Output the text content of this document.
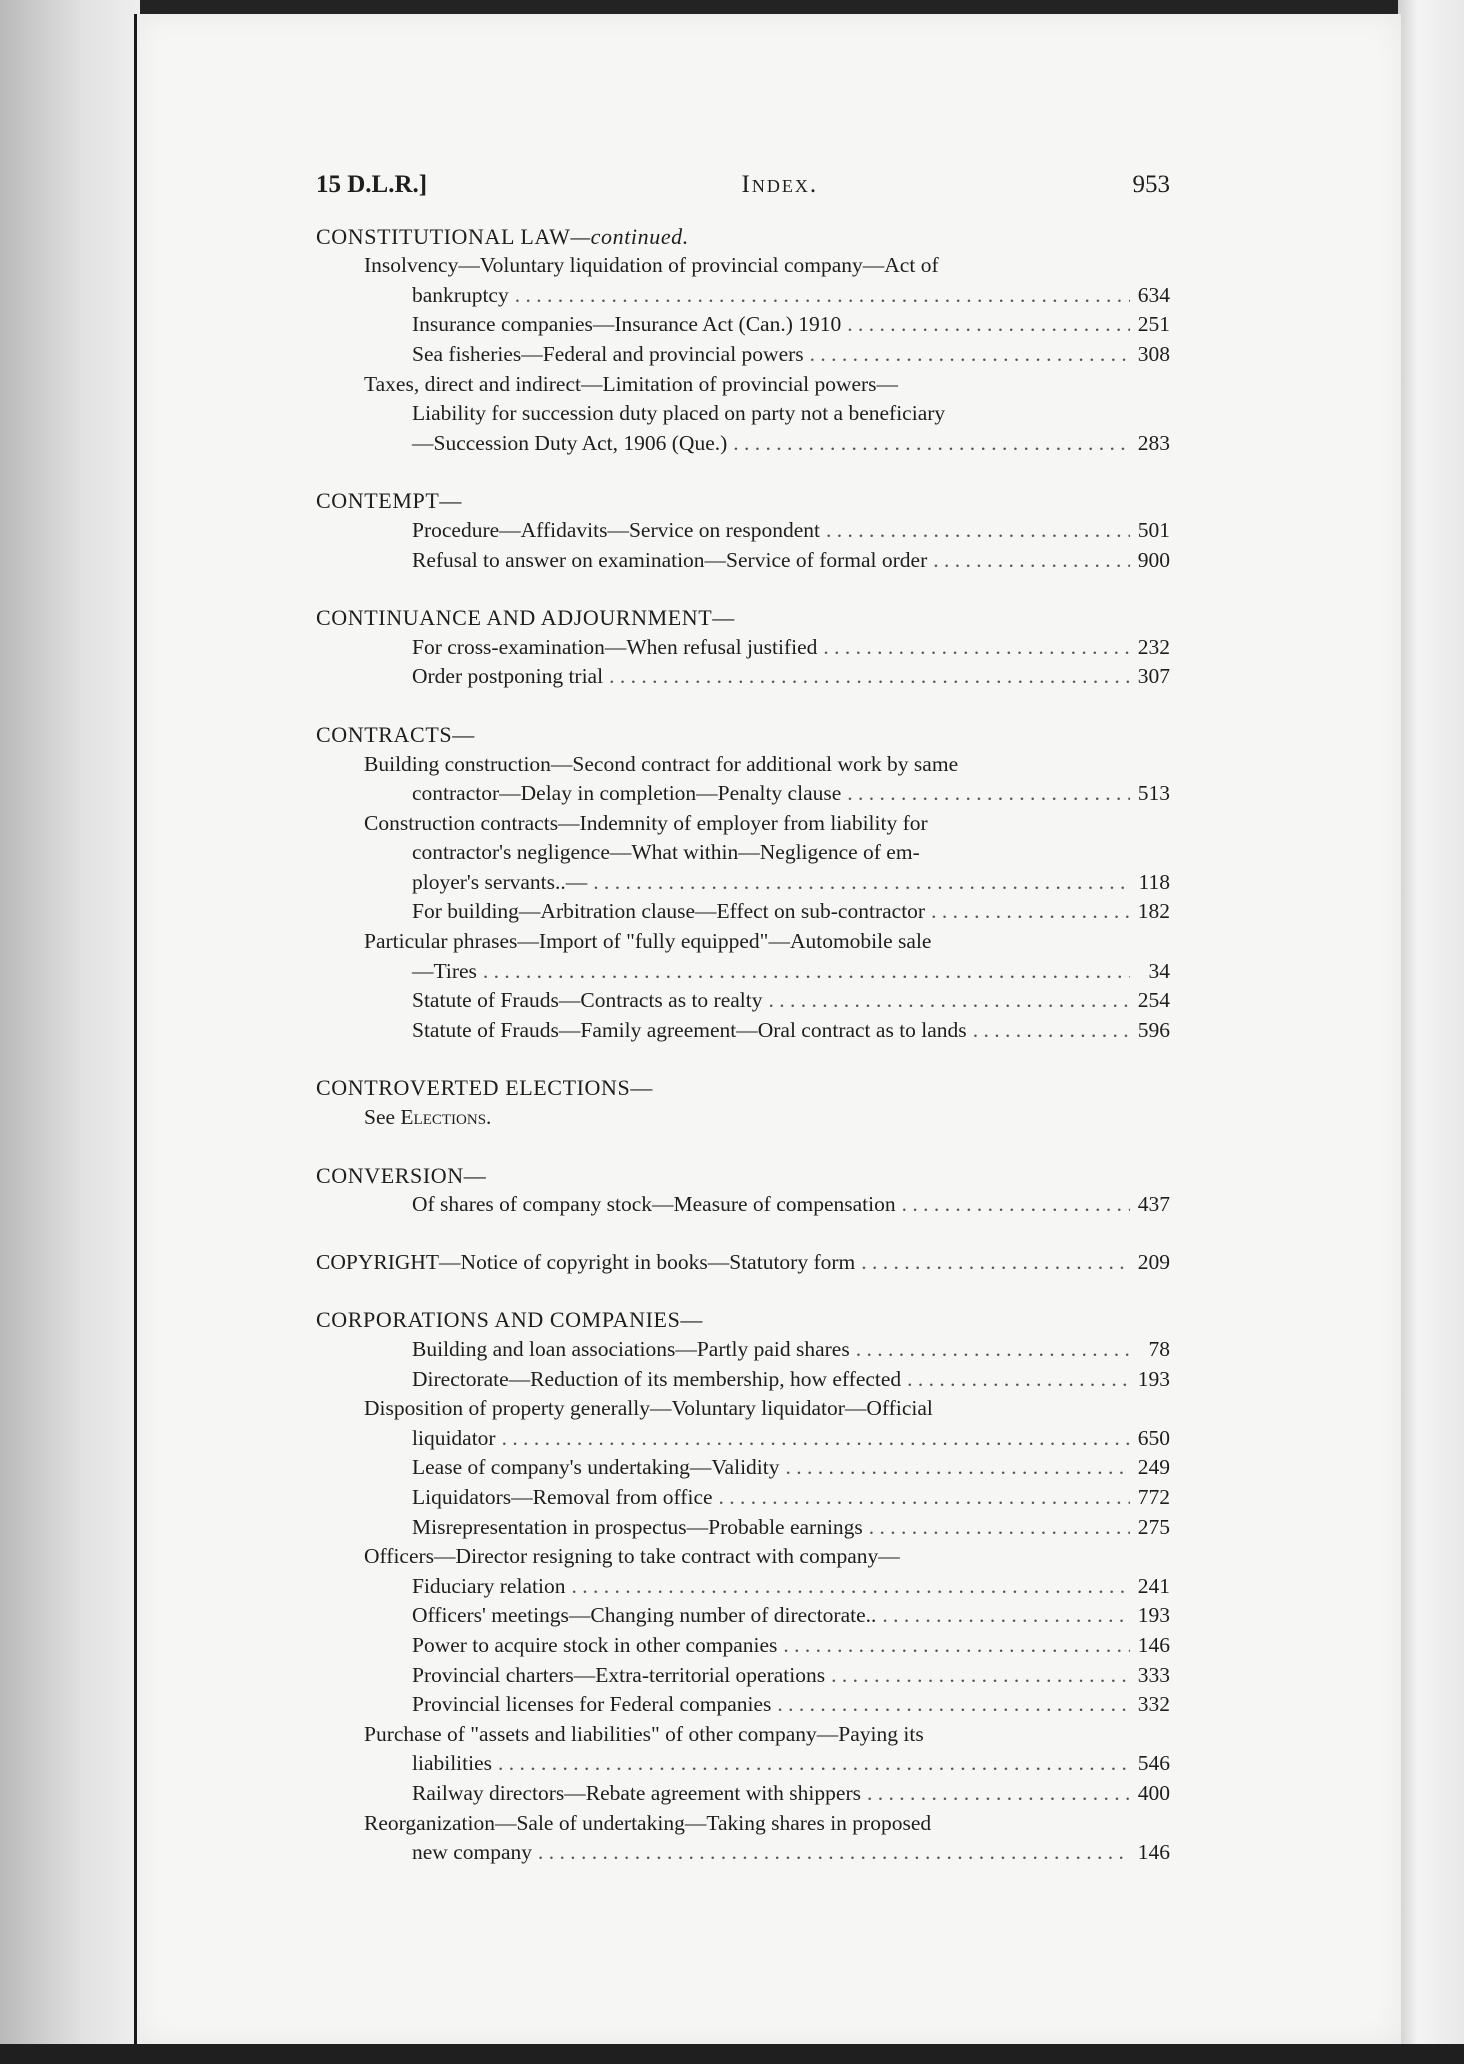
15 D.L.R.]	Index.	953
CONSTITUTIONAL LAW—continued.
Insolvency—Voluntary liquidation of provincial company—Act of
bankruptcy . . .	634
Insurance companies—Insurance Act (Can.) 1910 . . .	251
Sea fisheries—Federal and provincial powers . . .	308
Taxes, direct and indirect—Limitation of provincial powers—
Liability for succession duty placed on party not a beneficiary
—Succession Duty Act, 1906 (Que.) . . .	283
CONTEMPT—
Procedure—Affidavits—Service on respondent . . .	501
Refusal to answer on examination—Service of formal order . . .	900
CONTINUANCE AND ADJOURNMENT—
For cross-examination—When refusal justified . . .	232
Order postponing trial . . .	307
CONTRACTS—
Building construction—Second contract for additional work by same
contractor—Delay in completion—Penalty clause . . .	513
Construction contracts—Indemnity of employer from liability for
contractor's negligence—What within—Negligence of em-
ployer's servants..— . . .	118
For building—Arbitration clause—Effect on sub-contractor . . .	182
Particular phrases—Import of "fully equipped"—Automobile sale
—Tires . . .	34
Statute of Frauds—Contracts as to realty . . .	254
Statute of Frauds—Family agreement—Oral contract as to lands . . .	596
CONTROVERTED ELECTIONS—
See Elections.
CONVERSION—
Of shares of company stock—Measure of compensation . . .	437
COPYRIGHT—Notice of copyright in books—Statutory form . . .	209
CORPORATIONS AND COMPANIES—
Building and loan associations—Partly paid shares . . .	78
Directorate—Reduction of its membership, how effected . . .	193
Disposition of property generally—Voluntary liquidator—Official
liquidator . . .	650
Lease of company's undertaking—Validity . . .	249
Liquidators—Removal from office . . .	772
Misrepresentation in prospectus—Probable earnings . . .	275
Officers—Director resigning to take contract with company—
Fiduciary relation . . .	241
Officers' meetings—Changing number of directorate.. . . .	193
Power to acquire stock in other companies . . .	146
Provincial charters—Extra-territorial operations . . .	333
Provincial licenses for Federal companies . . .	332
Purchase of "assets and liabilities" of other company—Paying its
liabilities . . .	546
Railway directors—Rebate agreement with shippers . . .	400
Reorganization—Sale of undertaking—Taking shares in proposed
new company . . .	146
